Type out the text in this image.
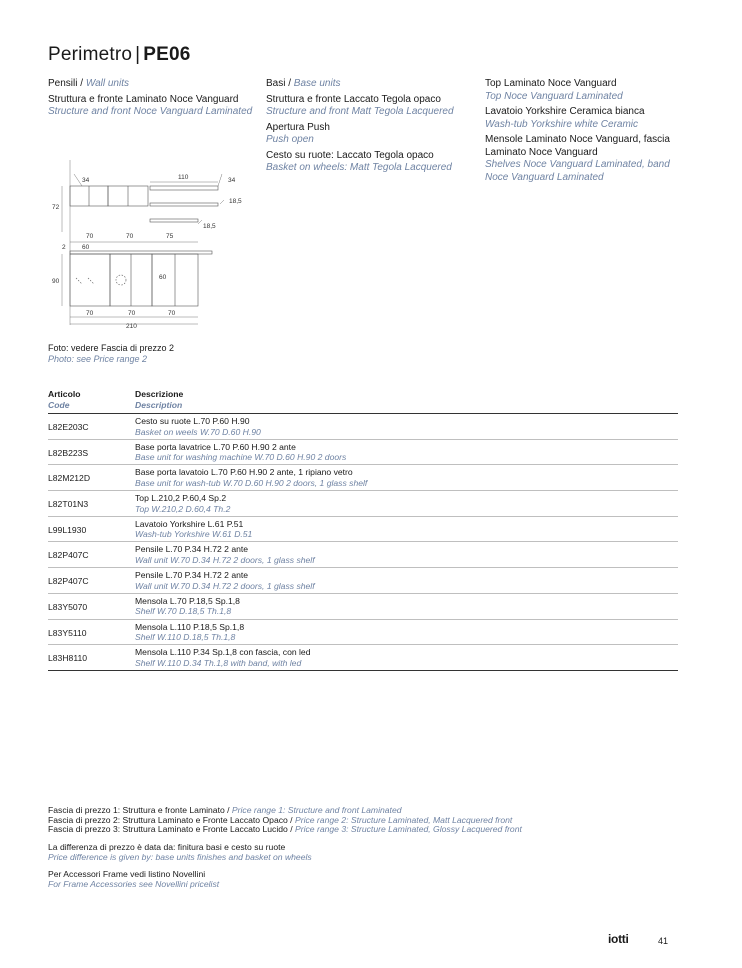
Perimetro | PE06
Pensili / Wall units
Struttura e fronte Laminato Noce Vanguard
Structure and front Noce Vanguard Laminated
Basi / Base units
Struttura e fronte Laccato Tegola opaco
Structure and front Matt Tegola Lacquered
Apertura Push
Push open
Cesto su ruote: Laccato Tegola opaco
Basket on wheels: Matt Tegola Lacquered
Top Laminato Noce Vanguard
Top Noce Vanguard Laminated
Lavatoio Yorkshire Ceramica bianca
Wash-tub Yorkshire white Ceramic
Mensole Laminato Noce Vanguard, fascia Laminato Noce Vanguard
Shelves Noce Vanguard Laminated, band Noce Vanguard Laminated
110
34	34
72
18,5
18,5
70	70	75
2	60
90
60
70	70	70
210
Foto: vedere Fascia di prezzo 2
Photo: see Price range 2
Articolo
Code
Descrizione
Description
L82E203C
Cesto su ruote L.70 P.60 H.90
Basket on weels W.70 D.60 H.90
L82B223S
Base porta lavatrice L.70 P.60 H.90 2 ante
Base unit for washing machine W.70 D.60 H.90 2 doors
L82M212D
Base porta lavatoio L.70 P.60 H.90 2 ante, 1 ripiano vetro
Base unit for wash-tub W.70 D.60 H.90 2 doors, 1 glass shelf
L82T01N3
Top L.210,2 P.60,4 Sp.2
Top W.210,2 D.60,4 Th.2
L99L1930
Lavatoio Yorkshire L.61 P.51
Wash-tub Yorkshire W.61 D.51
L82P407C
Pensile L.70 P.34 H.72 2 ante
Wall unit W.70 D.34 H.72 2 doors, 1 glass shelf
L82P407C
Pensile L.70 P.34 H.72 2 ante
Wall unit W.70 D.34 H.72 2 doors, 1 glass shelf
L83Y5070
Mensola L.70 P.18,5 Sp.1,8
Shelf W.70 D.18,5 Th.1,8
L83Y5110
Mensola L.110 P.18,5 Sp.1,8
Shelf W.110 D.18,5 Th.1,8
L83H8110
Mensola L.110 P.34 Sp.1,8 con fascia, con led
Shelf W.110 D.34 Th.1,8 with band, with led
Fascia di prezzo 1: Struttura e fronte Laminato / Price range 1: Structure and front Laminated
Fascia di prezzo 2: Struttura Laminato e Fronte Laccato Opaco / Price range 2: Structure Laminated, Matt Lacquered front
Fascia di prezzo 3: Struttura Laminato e Fronte Laccato Lucido / Price range 3: Structure Laminated, Glossy Lacquered front
La differenza di prezzo è data da: finitura basi e cesto su ruote
Price difference is given by: base units finishes and basket on wheels
Per Accessori Frame vedi listino Novellini
For Frame Accessories see Novellini pricelist
iotti	41
